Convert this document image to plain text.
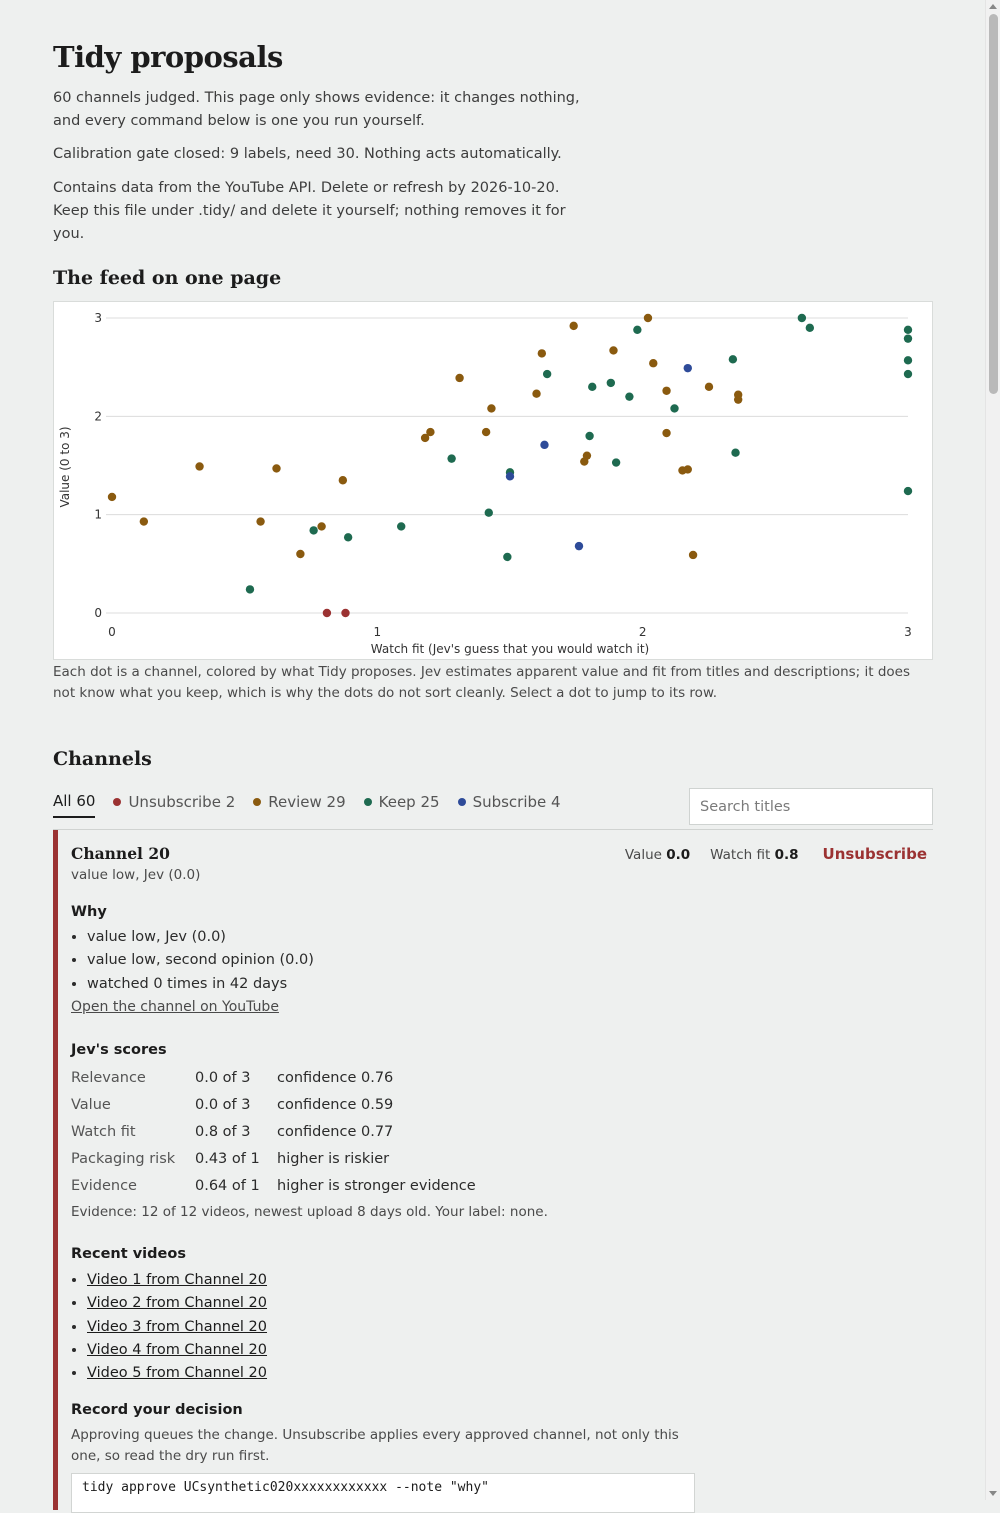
Tidy proposals

60 channels judged. This page only shows evidence: it changes nothing, and every command below is one you run yourself.

Calibration gate closed: 9 labels, need 30. Nothing acts automatically.

Contains data from the YouTube API. Delete or refresh by 2026-10-20. Keep this file under .tidy/ and delete it yourself; nothing removes it for you.

The feed on one page
0
1
2
3
0	1	2	3
Watch fit (Jev's guess that you would watch it)
Value (0 to 3)

Each dot is a channel, colored by what Tidy proposes. Jev estimates apparent value and fit from titles and descriptions; it does not know what you keep, which is why the dots do not sort cleanly. Select a dot to jump to its row.

Channels
All 60 Unsubscribe 2 Review 29 Keep 25 Subscribe 4
Search titles
Channel 20
value low, Jev (0.0)
Value 0.0 Watch fit 0.8 Unsubscribe
Why
• value low, Jev (0.0)
• value low, second opinion (0.0)
• watched 0 times in 42 days
Open the channel on YouTube
Jev's scores
Relevance	0.0 of 3	confidence 0.76
Value	0.0 of 3	confidence 0.59
Watch fit	0.8 of 3	confidence 0.77
Packaging risk	0.43 of 1	higher is riskier
Evidence	0.64 of 1	higher is stronger evidence
Evidence: 12 of 12 videos, newest upload 8 days old. Your label: none.
Recent videos
• Video 1 from Channel 20
• Video 2 from Channel 20
• Video 3 from Channel 20
• Video 4 from Channel 20
• Video 5 from Channel 20
Record your decision

Approving queues the change. Unsubscribe applies every approved channel, not only this one, so read the dry run first.

tidy approve UCsynthetic020xxxxxxxxxxxx --note "why"
